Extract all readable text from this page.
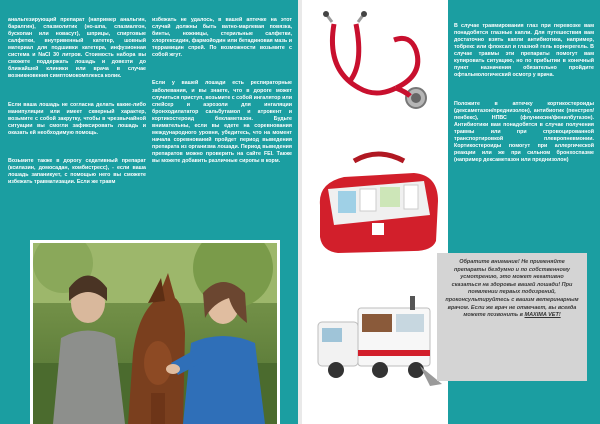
анальгезирующий препарат (например анальгин, баралгин), спазмолитик (но-шпа, спазмалгон, бускопан или новасут), шприцы, спиртовые салфетки, внутривенный катетер, шовный материал для подшивки катетера, инфузионная система и NaCl 30 литров. Стоимость набора вы сможете поддержать лошадь и довезти до ближайшей клиники или врача в случае возникновения симптомокомплекса колик.

Если ваша лошадь не согласна делать какие-либо манипуляции или имеет скверный характер, возьмите с собой закрутку, чтобы в чрезвычайной ситуации вы смогли зафиксировать лошадь и оказать ей необходимую помощь.

Возьмите также в дорогу седативный препарат (ксилазин, домосадан, комбистресс), - если ваша лошадь запаникует, с помощью него вы сможете избежать травматизации. Если же травм

избежать не удалось, в вашей аптечке на этот случай должны быть ватно-марлевая повязка, бинты, ножницы, стерильные салфетки, хлоргексидин, фармойодин или бетадиновая мазь и террамицин спрей. По возможности возьмите с собой жгут.

Если у вашей лошади есть респираторные заболевания, и вы знаете, что в дороге может случиться приступ, возьмите с собой ингалятор или спейсер и аэрозоли для ингаляции бронходилататор сальбутамол и атровент и кортикостероид бекламетазон. Будьте внимательны, если вы едете на соревнования международного уровня, убедитесь, что на момент начала соревнований пройдет период выведения препарата из организма лошади. Период выведения препаратов можно проверить на сайте FEI. Также вы можете добавить различные сиропы в корм.

В случае травмирования глаз при перевозке вам понадобятся глазные капли. Для путешествия вам достаточно взять капли антибиотика, например, тобрекс или флоксал и глазной гель корнерегель. В случае травмы эти препараты помогут вам купировать ситуацию, но по прибытии в конечный пункт назначения обязательно пройдите офтальмологический осмотр у врача.

Положите в аптечку кортикостероиды (дексаметазон/преднизолон), антибиотик (пенстреп/пенбекс), НПВС (флуниксин/фенилбутазон). Антибиотики вам понадобятся в случае получения травмы или при спровоцированной транспортировкой плевропневмонии. Кортикостероиды помогут при аллергической реакции или же при сильном бронхоспазме (например дексаметазон или преднизолон)

Обратите внимание! Не применяйте препараты бездумно и по собственному усмотрению, это может негативно сказаться на здоровье вашей лошади! При появлении первых подозрений, проконсультируйтесь с вашим ветеринарным врачом. Если же врач не отвечает, вы всегда можете позвонить в MAXIMA VET!
